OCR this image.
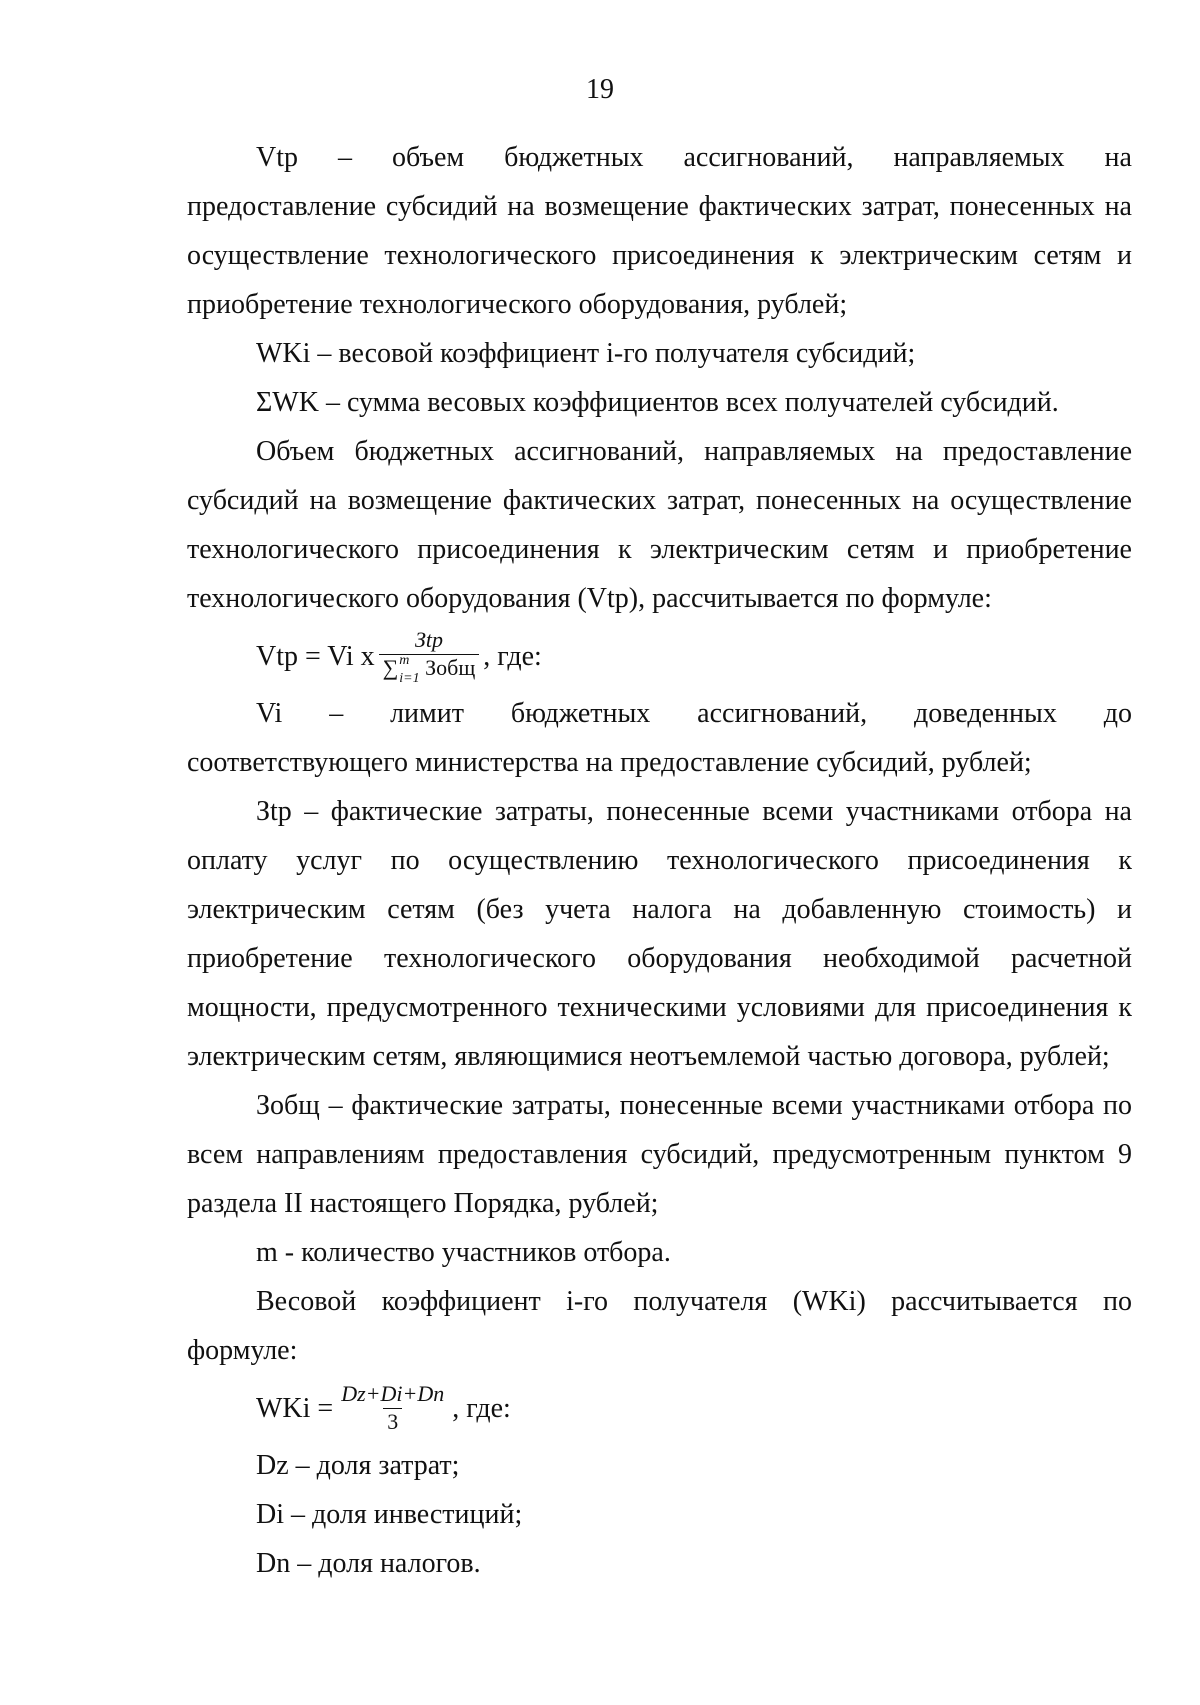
19
Vtp – объем бюджетных ассигнований, направляемых на

предоставление субсидий на возмещение фактических затрат, понесенных на осуществление технологического присоединения к электрическим сетям и приобретение технологического оборудования, рублей;

WKi – весовой коэффициент i-го получателя субсидий;

ΣWK – сумма весовых коэффициентов всех получателей субсидий.

Объем бюджетных ассигнований, направляемых на предоставление субсидий на возмещение фактических затрат, понесенных на осуществление технологического присоединения к электрическим сетям и приобретение технологического оборудования (Vtp), рассчитывается по формуле:

Vtp = Vi x Зtp
∑ m
i=1 Зобщ , где:
Vi – лимит бюджетных ассигнований, доведенных до

соответствующего министерства на предоставление субсидий, рублей;

Зtp – фактические затраты, понесенные всеми участниками отбора на оплату услуг по осуществлению технологического присоединения к электрическим сетям (без учета налога на добавленную стоимость) и приобретение технологического оборудования необходимой расчетной мощности, предусмотренного техническими условиями для присоединения к электрическим сетям, являющимися неотъемлемой частью договора, рублей;

Зобщ – фактические затраты, понесенные всеми участниками отбора по всем направлениям предоставления субсидий, предусмотренным пунктом 9 раздела II настоящего Порядка, рублей;

m - количество участников отбора.

Весовой коэффициент i-го получателя (WKi) рассчитывается по формуле:

WKi = $\frac{Dz+Di+Dn}{3}$ , где:

Dz – доля затрат;

Di – доля инвестиций;

Dn – доля налогов.
